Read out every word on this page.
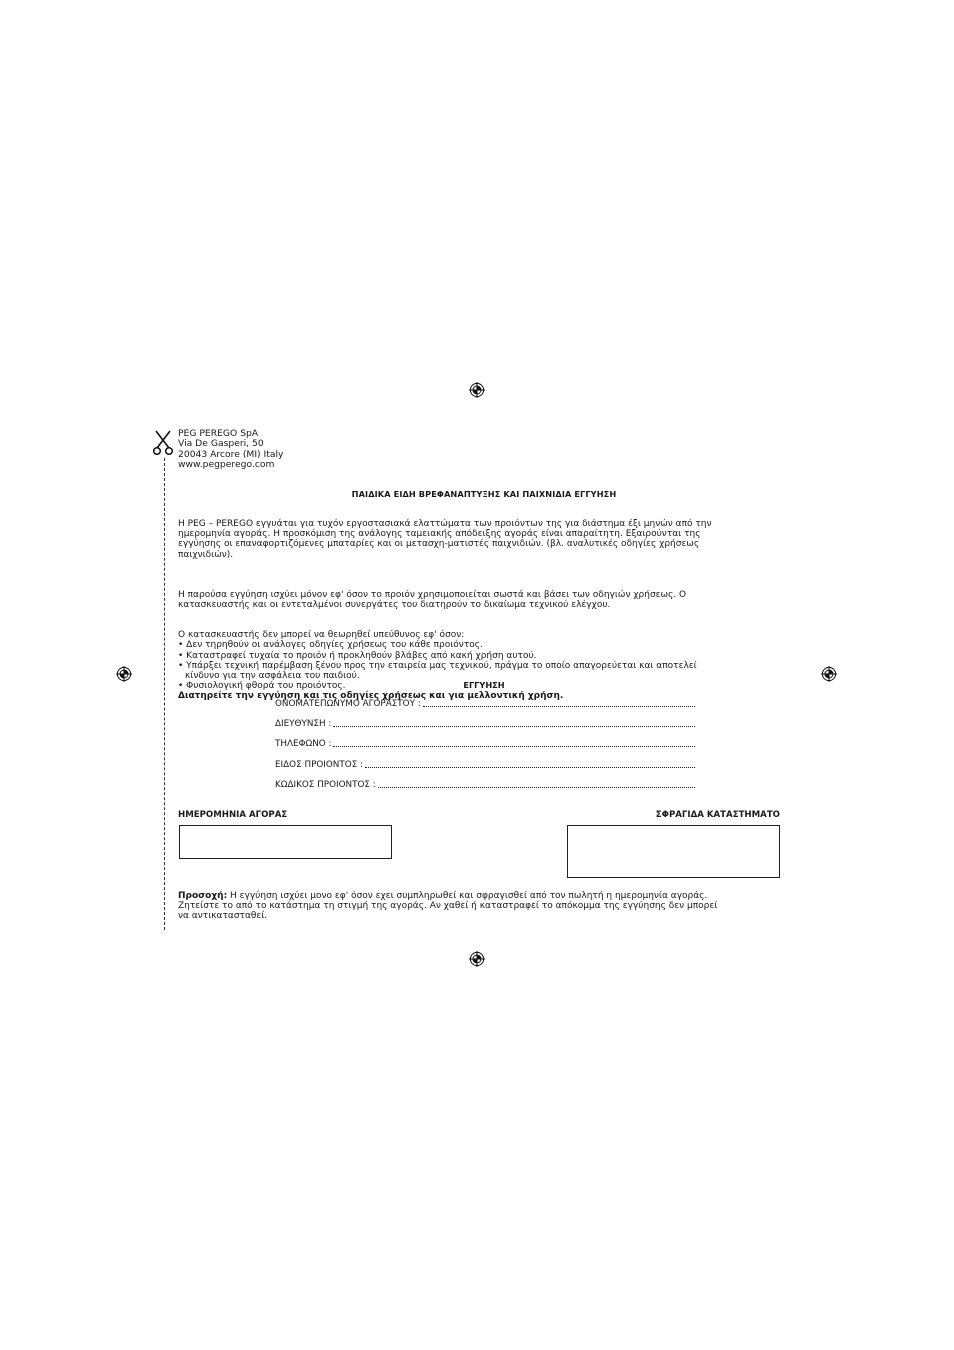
PEG PEREGO SpA
Via De Gasperi, 50
20043 Arcore (MI) Italy
www.pegperego.com
ΠΑΙΔΙΚΑ ΕΙΔΗ ΒΡΕΦΑΝΑΠΤΥΞΗΣ ΚΑΙ ΠΑΙΧΝΙΔΙΑ ΕΓΓΥΗΣΗ

Η PEG – PEREGO εγγυάται για τυχόν εργοστασιακά ελαττώματα των προιόντων της για διάστημα έξι μηνών από την
ημερομηνία αγοράς. Η προσκόμιση της ανάλογης ταμειακής απόδειξης αγοράς είναι απαραίτητη. Εξαιρούνται της
εγγύησης οι επαναφορτιζόμενες μπαταρίες και οι μετασχη-ματιστές παιχνιδιών. (βλ. αναλυτικές οδηγίες χρήσεως
παιχνιδιών).

Η παρούσα εγγύηση ισχύει μόνον εφ' όσον το προιόν χρησιμοποιείται σωστά και βάσει των οδηγιών χρήσεως. Ο
κατασκευαστής και οι εντεταλμένοι συνεργάτες του διατηρούν το δικαίωμα τεχνικού ελέγχου.

Ο κατασκευαστής δεν μπορεί να θεωρηθεί υπεύθυνος εφ' όσον:
• Δεν τηρηθούν οι ανάλογες οδηγίες χρήσεως του κάθε προιόντος.
• Καταστραφεί τυχαία το προιόν ή προκληθούν βλάβες από κακή χρήση αυτού.
• Υπάρξει τεχνική παρέμβαση ξένου προς την εταιρεία μας τεχνικού, πράγμα το οποίο απαγορεύεται και αποτελεί
κίνδυνο για την ασφάλεια του παιδιού.
• Φυσιολογική φθορά του προιόντος.
Διατηρείτε την εγγύηση και τις οδηγίες χρήσεως και για μελλοντική χρήση.
ΕΓΓΥΗΣΗ
ΟΝΟΜΑΤΕΠΩΝΥΜΟ ΑΓΟΡΑΣΤΟΥ :
ΔΙΕΥΘΥΝΣΗ :
ΤΗΛΕΦΩΝΟ :
ΕΙΔΟΣ ΠΡΟΙΟΝΤΟΣ :
ΚΩΔΙΚΟΣ ΠΡΟΙΟΝΤΟΣ :
ΗΜΕΡΟΜΗΝΙΑ ΑΓΟΡΑΣ	ΣΦΡΑΓΙΔΑ ΚΑΤΑΣΤΗΜΑΤΟ
Προσοχή: Η εγγύηση ισχύει μονο εφ' όσον εχει συμπληρωθεί και σφραγισθεί από τον πωλητή η ημερομηνία αγοράς.
Ζητείστε το από το κατάστημα τη στιγμή της αγοράς. Αν χαθεί ή καταστραφεί το απόκομμα της εγγύησης δεν μπορεί
να αντικατασταθεί.
